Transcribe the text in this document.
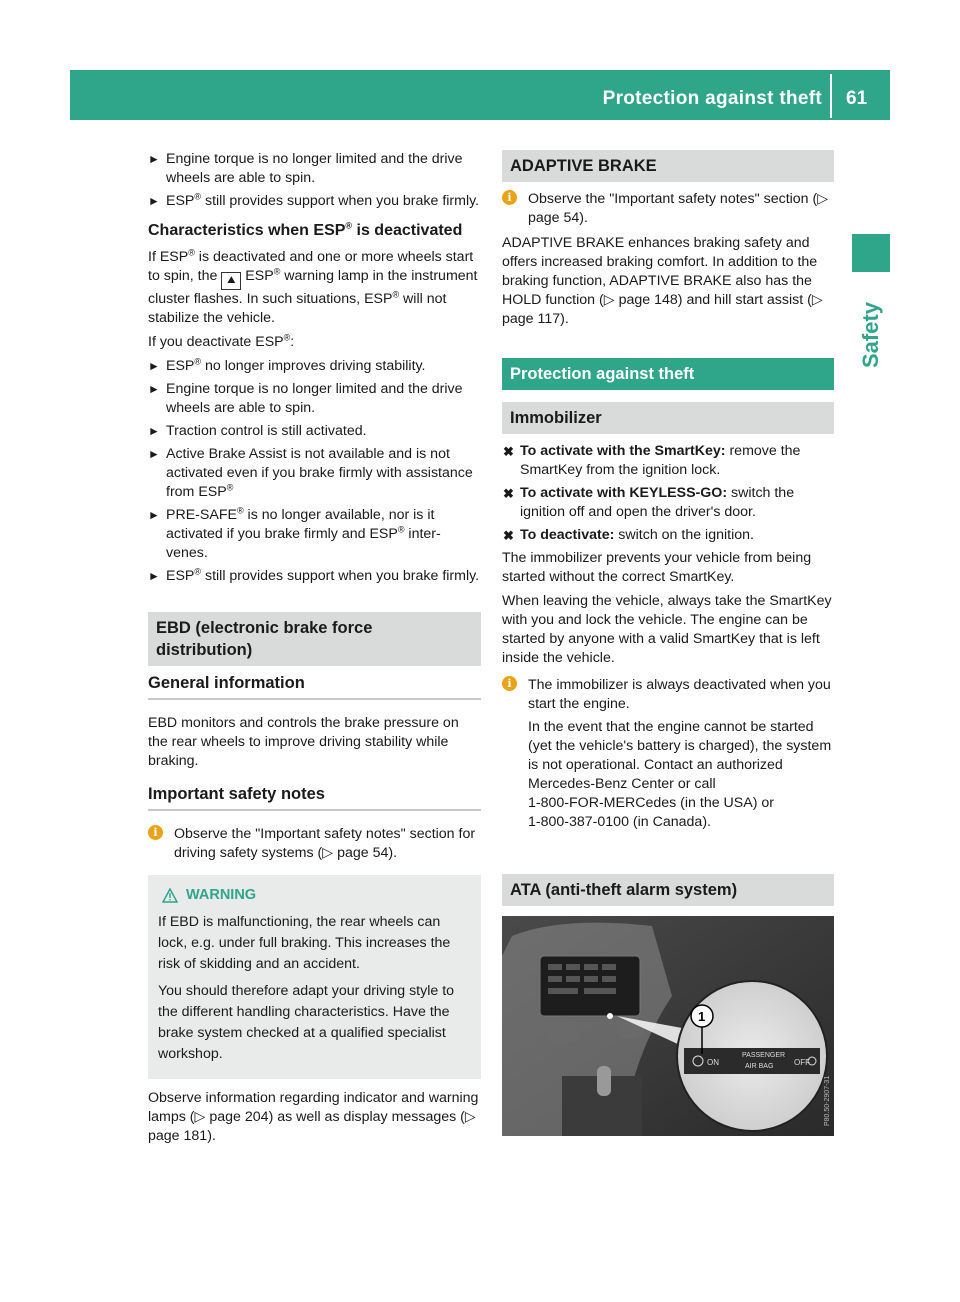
Protection against theft 61
Safety
► Engine torque is no longer limited and the drive wheels are able to spin.
► ESP® still provides support when you brake firmly.
Characteristics when ESP® is deactivated

If ESP® is deactivated and one or more wheels start to spin, the ⛰ ESP® warning lamp in the instrument cluster flashes. In such situations, ESP® will not stabilize the vehicle.

If you deactivate ESP®:

► ESP® no longer improves driving stability.
► Engine torque is no longer limited and the drive wheels are able to spin.
► Traction control is still activated.
► Active Brake Assist is not available and is not activated even if you brake firmly with assistance from ESP®
► PRE-SAFE® is no longer available, nor is it activated if you brake firmly and ESP® inter-venes.
► ESP® still provides support when you brake firmly.
EBD (electronic brake force distribution)
General information

EBD monitors and controls the brake pressure on the rear wheels to improve driving stability while braking.

Important safety notes
i	Observe the "Important safety notes" section for driving safety systems (▷ page 54).

WARNING

If EBD is malfunctioning, the rear wheels can lock, e.g. under full braking. This increases the risk of skidding and an accident.

You should therefore adapt your driving style to the different handling characteristics. Have the brake system checked at a qualified specialist workshop.

Observe information regarding indicator and warning lamps (▷ page 204) as well as display messages (▷ page 181).

ADAPTIVE BRAKE
i	Observe the "Important safety notes" section (▷ page 54).

ADAPTIVE BRAKE enhances braking safety and offers increased braking comfort. In addition to the braking function, ADAPTIVE BRAKE also has the HOLD function (▷ page 148) and hill start assist (▷ page 117).

Protection against theft
Immobilizer
✖ To activate with the SmartKey: remove the SmartKey from the ignition lock.
✖ To activate with KEYLESS-GO: switch the ignition off and open the driver's door.
✖ To deactivate: switch on the ignition.

The immobilizer prevents your vehicle from being started without the correct SmartKey.

When leaving the vehicle, always take the SmartKey with you and lock the vehicle. The engine can be started by anyone with a valid SmartKey that is left inside the vehicle.

i	The immobilizer is always deactivated when you start the engine.

In the event that the engine cannot be started (yet the vehicle's battery is charged), the system is not operational. Contact an authorized Mercedes-Benz Center or call

1-800-FOR-MERCedes (in the USA) or
1-800-387-0100 (in Canada).
ATA (anti-theft alarm system)
ON
PASSENGER
AIR BAG	OFF
1
P80.50-2907-31
